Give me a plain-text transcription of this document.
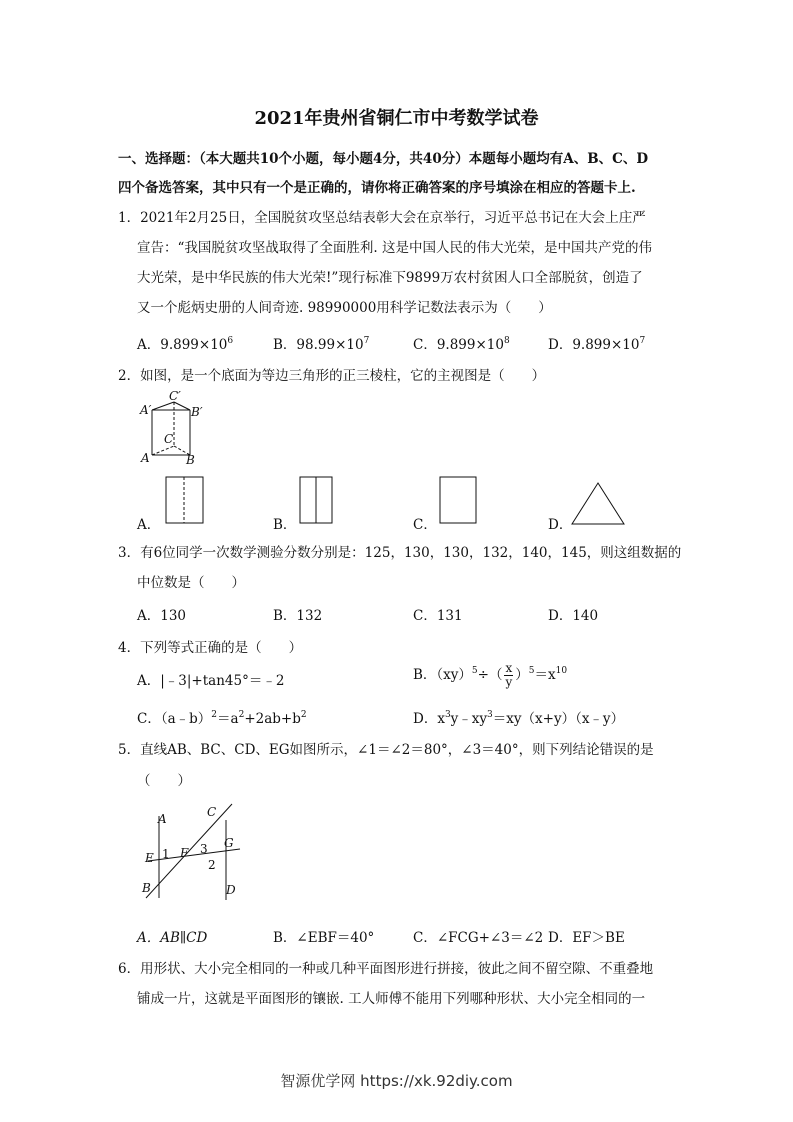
2021年贵州省铜仁市中考数学试卷
一、选择题：（本大题共10个小题，每小题4分，共40分）本题每小题均有A、B、C、D
四个备选答案，其中只有一个是正确的，请你将正确答案的序号填涂在相应的答题卡上.
1．2021年2月25日，全国脱贫攻坚总结表彰大会在京举行，习近平总书记在大会上庄严
宣告：“我国脱贫攻坚战取得了全面胜利. 这是中国人民的伟大光荣，是中国共产党的伟
大光荣，是中华民族的伟大光荣!”现行标准下9899万农村贫困人口全部脱贫，创造了
又一个彪炳史册的人间奇迹. 98990000用科学记数法表示为（　　）
A．$9.899\times 10^6$	B．$98.99\times 10^7$	C．$9.899\times 10^8$	D．$9.899\times 10^7$
2．如图，是一个底面为等边三角形的正三棱柱，它的主视图是（　　）
A′
C′
B′
C
A	B
A．	B．	C．	D．
3．有6位同学一次数学测验分数分别是：125，130，130，132，140，145，则这组数据的
中位数是（　　）
A．130	B．132	C．131	D．140
4．下列等式正确的是（　　）
A．|﹣3|+tan45°＝﹣2	B．$(xy)^5\div( \frac{x}{y} )^5=x^{10}$
C．$(a﹣b)^2=a^2+2ab+b^2$	D．$x^3y﹣xy^3=xy(x+y)(x﹣y)$
5．直线AB、BC、CD、EG如图所示，∠1＝∠2＝80°，∠3＝40°，则下列结论错误的是
（　　）
A	C
G
E 1 F 3
2
B	D
A．AB∥CD	B．∠EBF＝40°	C．∠FCG+∠3＝∠2 D．EF＞BE
6．用形状、大小完全相同的一种或几种平面图形进行拼接，彼此之间不留空隙、不重叠地
铺成一片，这就是平面图形的镶嵌. 工人师傅不能用下列哪种形状、大小完全相同的一
智源优学网 https://xk.92diy.com
